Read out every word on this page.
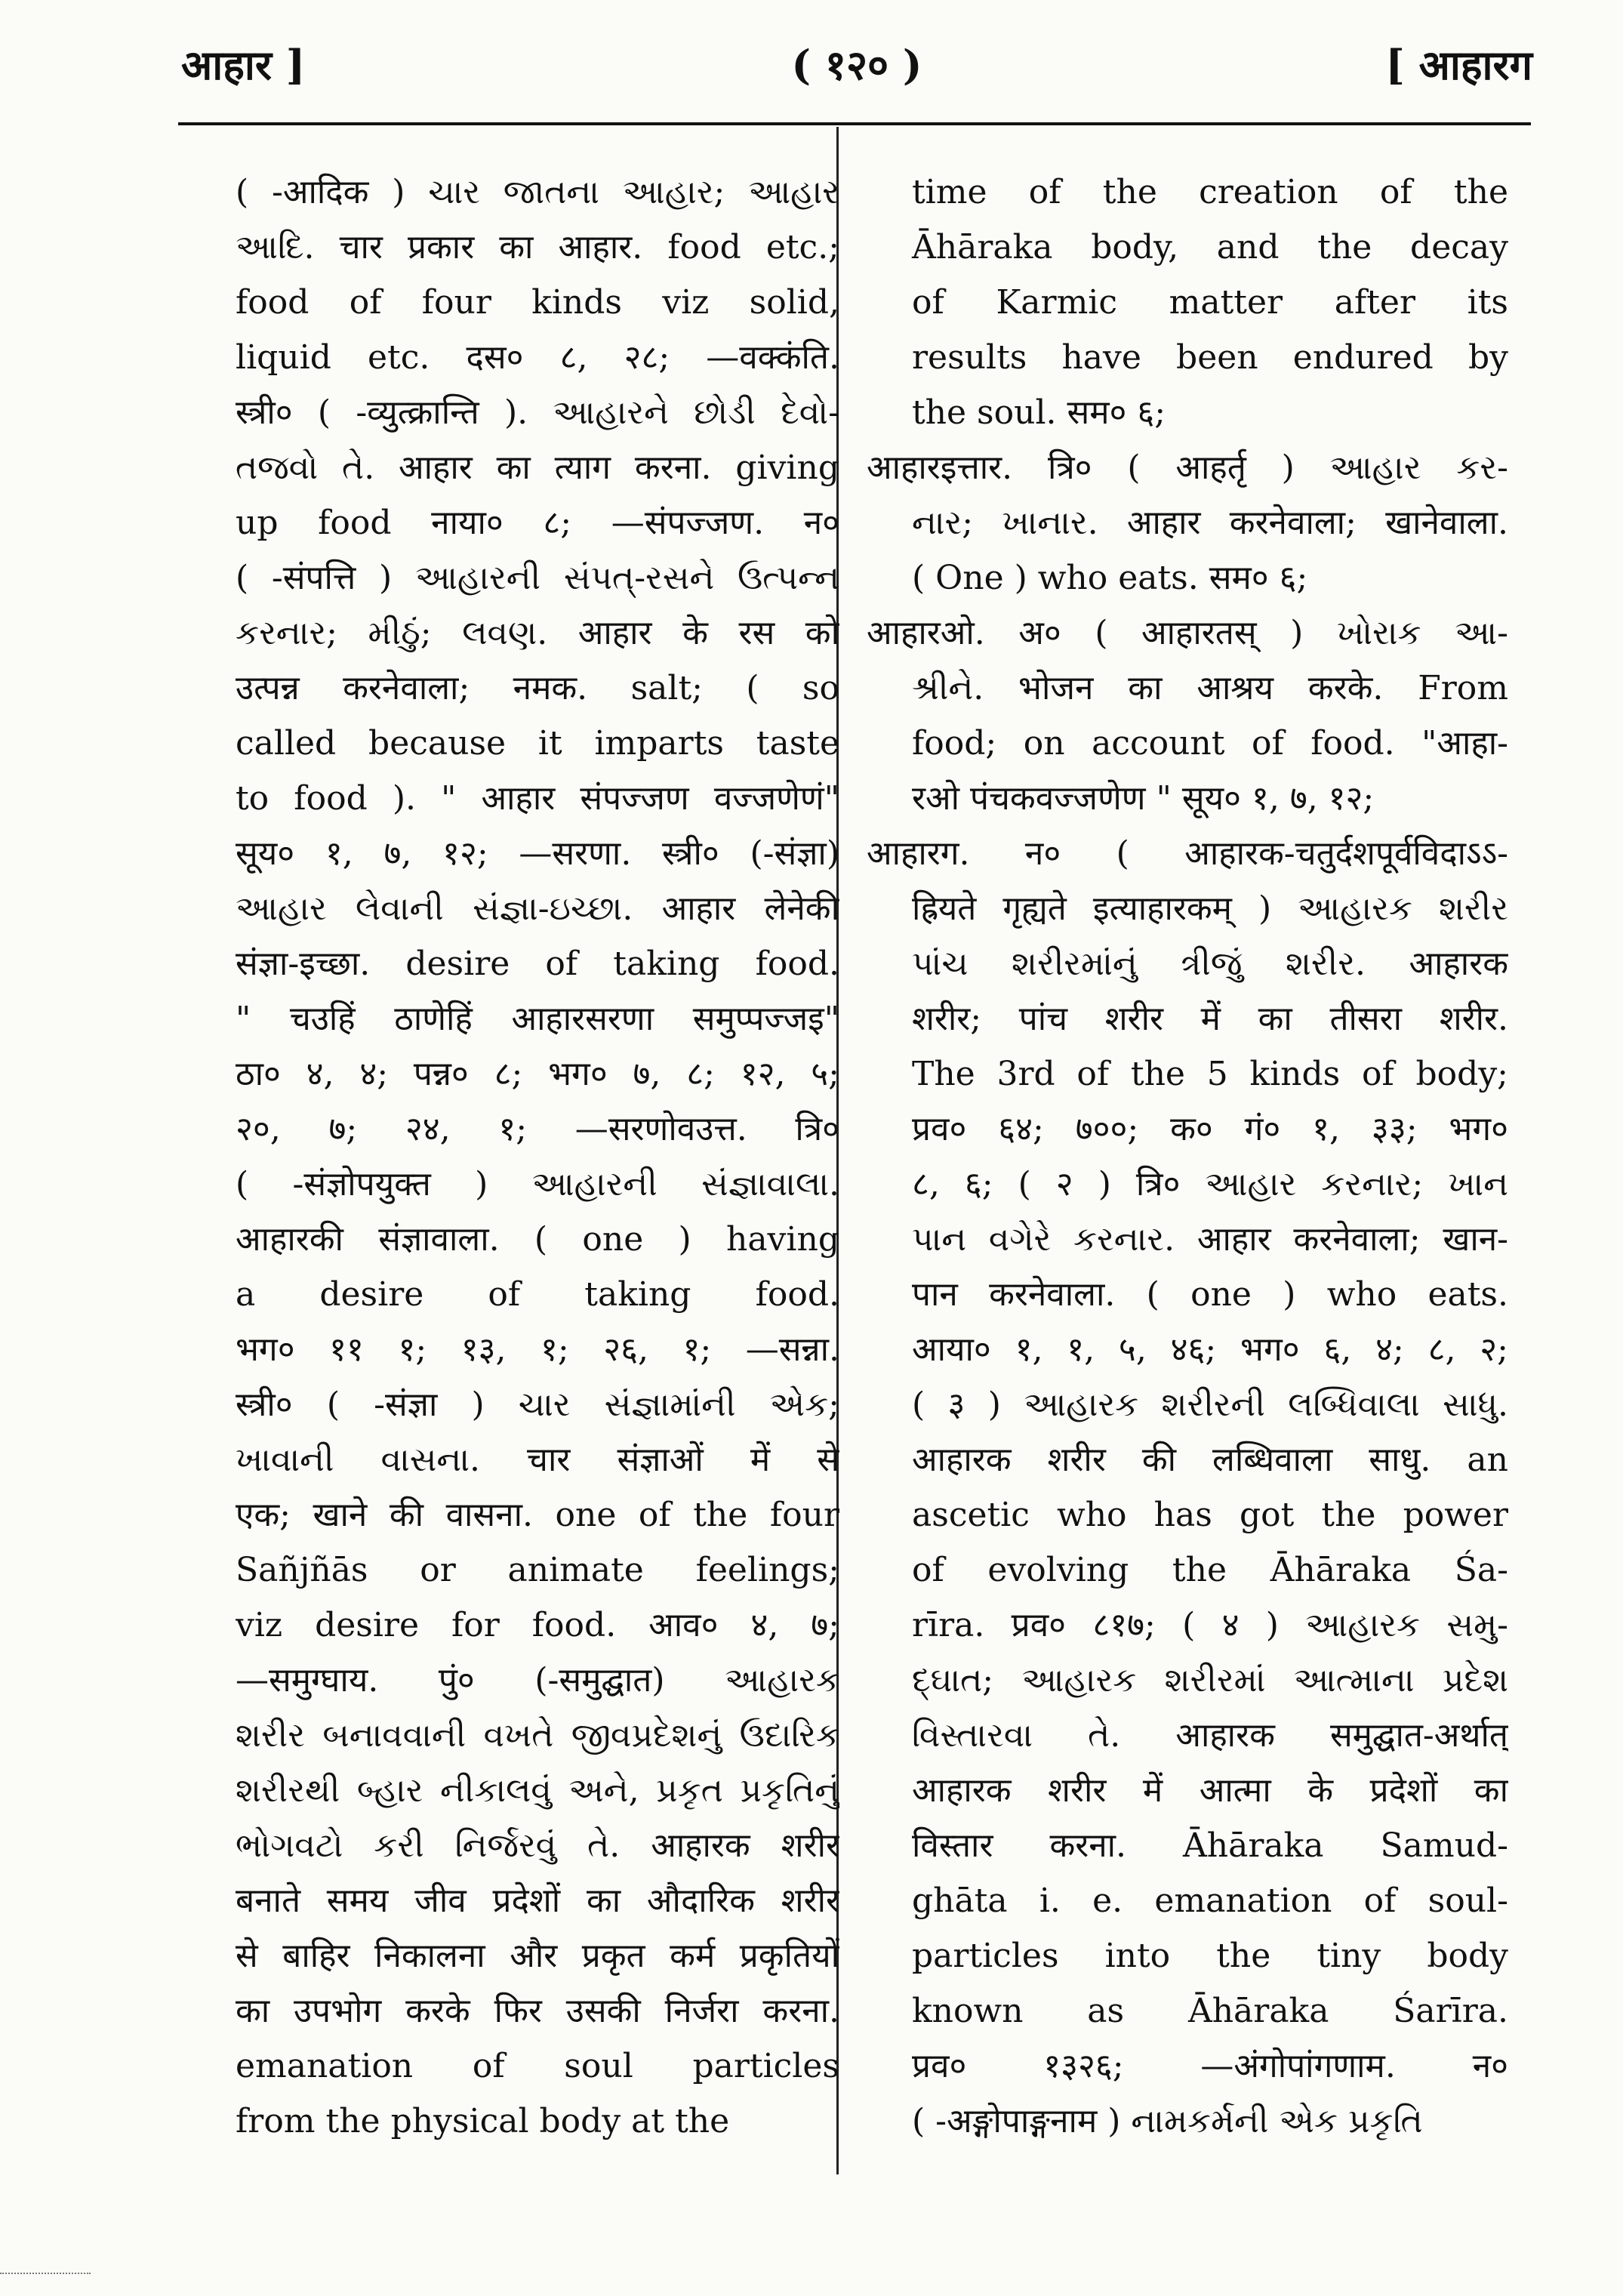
आहार ]	( १२० )	[ आहारग
( -आदिक ) ચાર જાતના આહાર; આહાર
આદિ. चार प्रकार का आहार. food etc.;
food of four kinds viz solid,
liquid etc. दस० ८, २८; —वक्कंति.
स्त्री० ( -व्युत्क्रान्ति ). આહારને છોડી દેવો-
તજવો તે. आहार का त्याग करना. giving
up food नाया० ८; —संपज्जण. न०
( -संपत्ति ) આહારની સંપત્-રસને ઉત્પન્ન
કરનાર; મીઠું; લવણ. आहार के रस को
उत्पन्न करनेवाला; नमक. salt; ( so
called because it imparts taste
to food ). " आहार संपज्जण वज्जणेणं"
सूय० १, ७, १२; —सरणा. स्त्री० (-संज्ञा)
આહાર લેવાની સંજ્ઞા-ઇચ્છા. आहार लेनेकी
संज्ञा-इच्छा. desire of taking food.
" चउहिं ठाणेहिं आहारसरणा समुप्पज्जइ"
ठा० ४, ४; पन्न० ८; भग० ७, ८; १२, ५;
२०, ७; २४, १; —सरणोवउत्त. त्रि०
( -संज्ञोपयुक्त ) આહારની સંજ્ઞાવાલા.
आहारकी संज्ञावाला. ( one ) having
a desire of taking food.
भग० ११ १; १३, १; २६, १; —सन्ना.
स्त्री० ( -संज्ञा ) ચાર સંજ્ઞામાંની એક;
ખાવાની વાસના. चार संज्ञाओं में से
एक; खाने की वासना. one of the four
Sañjñās or animate feelings;
viz desire for food. आव० ४, ७;
—समुग्घाय. पुं० (-समुद्घात) આહારક
શરીર બનાવવાની વખતે જીવપ્રદેશનું ઉદારિક
શરીરથી બ્હાર નીકાલવું અને, પ્રકૃત પ્રકૃતિનું
ભોગવટો કરી નિર્જરવું તે. आहारक शरीर
बनाते समय जीव प्रदेशों का औदारिक शरीर
से बाहिर निकालना और प्रकृत कर्म प्रकृतियों
का उपभोग करके फिर उसकी निर्जरा करना.
emanation of soul particles
from the physical body at the
time of the creation of the
Āhāraka body, and the decay
of Karmic matter after its
results have been endured by
the soul. सम० ६;
आहारइत्तार. त्रि० ( आहर्तृ ) આહાર કર-
નાર; ખાનાર. आहार करनेवाला; खानेवाला.
( One ) who eats. सम० ६;
आहारओ. अ० ( आहारतस् ) ખોરાક આ-
શ્રીને. भोजन का आश्रय करके. From
food; on account of food. "आहा-
रओ पंचकवज्जणेण " सूय० १, ७, १२;
आहारग. न० ( आहारक-चतुर्दशपूर्वविदाऽऽ-
ह्रियते गृह्यते इत्याहारकम् ) આહારક શરીર
પાંચ શરીરમાંનું ત્રીજું શરીર. आहारक
शरीर; पांच शरीर में का तीसरा शरीर.
The 3rd of the 5 kinds of body;
प्रव० ६४; ७००; क० गं० १, ३३; भग०
८, ६; ( २ ) त्रि० આહાર કરનાર; ખાન
પાન વગેરે કરનાર. आहार करनेवाला; खान-
पान करनेवाला. ( one ) who eats.
आया० १, १, ५, ४६; भग० ६, ४; ८, २;
( ३ ) આહારક શરીરની લબ્ધિવાલા સાધુ.
आहारक शरीर की लब्धिवाला साधु. an
ascetic who has got the power
of evolving the Āhāraka Śa-
rīra. प्रव० ८१७; ( ४ ) આહારક સમુ-
દ્ઘાત; આહારક શરીરમાં આત્માના પ્રદેશ
વિસ્તારવા તે. आहारक समुद्घात-अर्थात्
आहारक शरीर में आत्मा के प्रदेशों का
विस्तार करना. Āhāraka Samud-
ghāta i. e. emanation of soul-
particles into the tiny body
known as Āhāraka Śarīra.
प्रव० १३२६; —अंगोपांगणाम. न०
( -अङ्गोपाङ्गनाम ) નામકર્મની એક પ્રકૃતિ
